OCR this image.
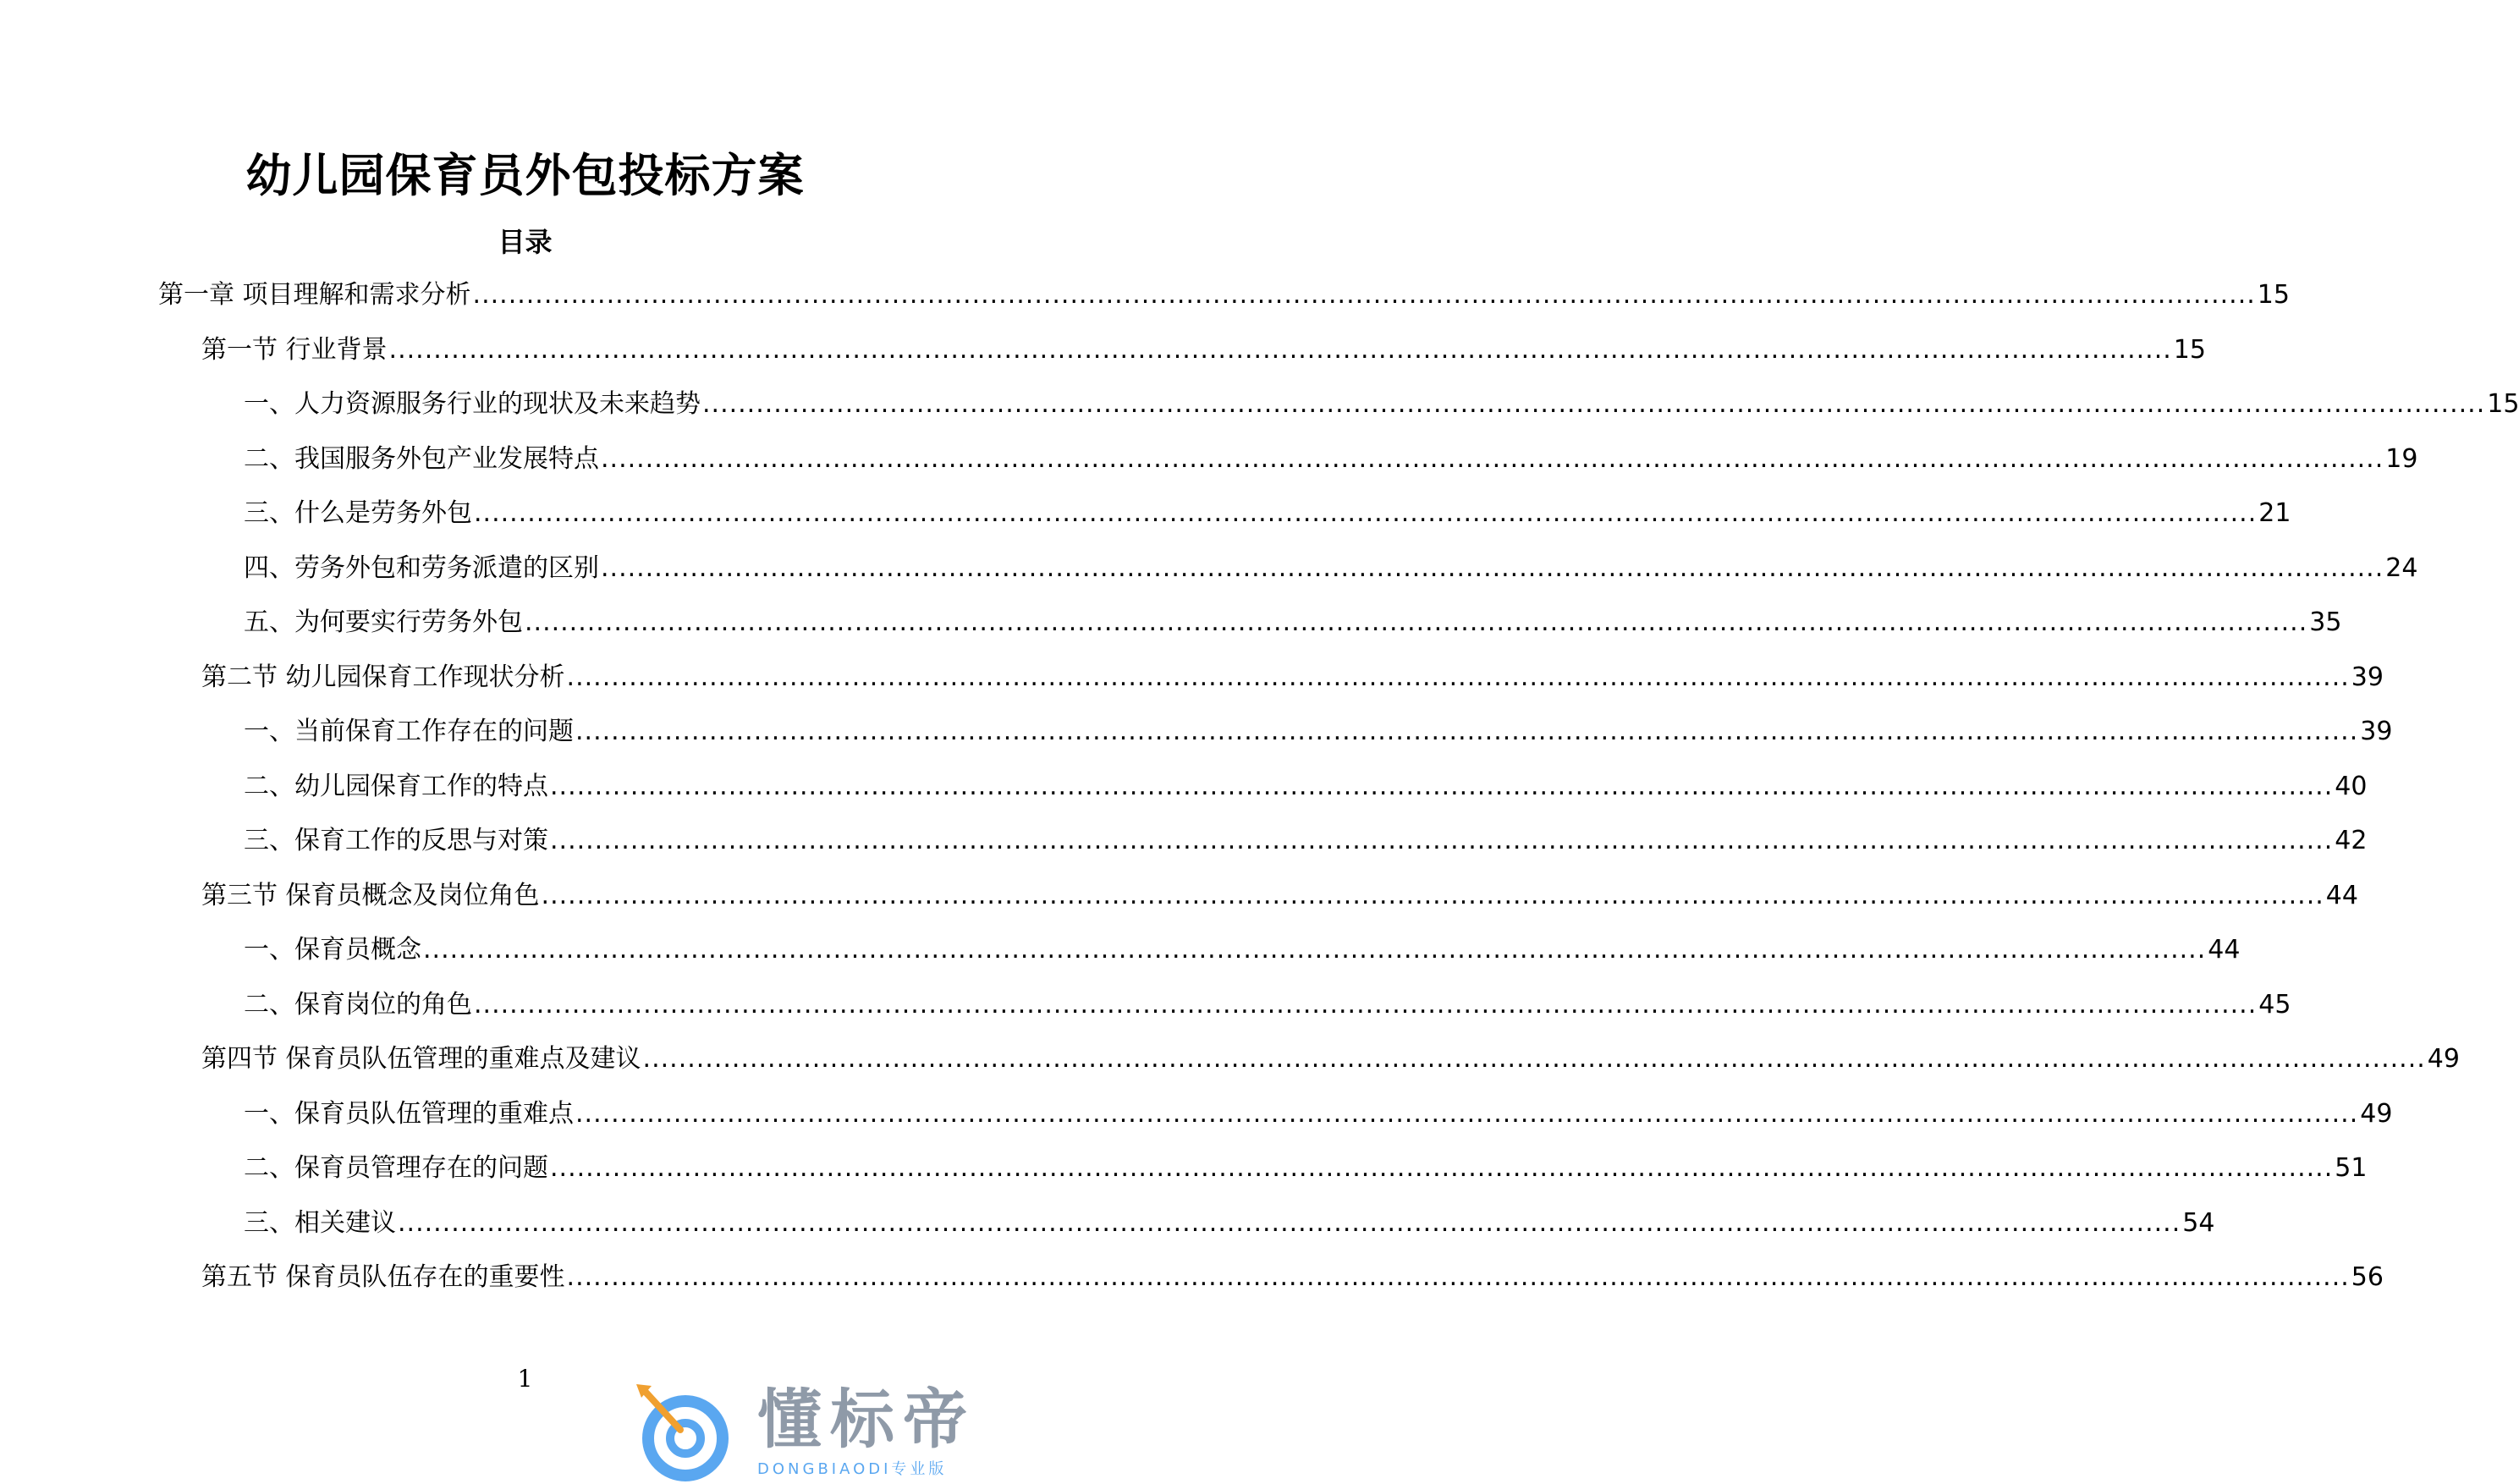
幼儿园保育员外包投标方案
目录
第一章 项目理解和需求分析 ........................................................................................................................................................................................................ 15
第一节 行业背景 ........................................................................................................................................................................................................ 15
一、人力资源服务行业的现状及未来趋势 ........................................................................................................................................................................................................ 15
二、我国服务外包产业发展特点 ........................................................................................................................................................................................................ 19
三、什么是劳务外包 ........................................................................................................................................................................................................ 21
四、劳务外包和劳务派遣的区别 ........................................................................................................................................................................................................ 24
五、为何要实行劳务外包 ........................................................................................................................................................................................................ 35
第二节 幼儿园保育工作现状分析 ........................................................................................................................................................................................................ 39
一、当前保育工作存在的问题 ........................................................................................................................................................................................................ 39
二、幼儿园保育工作的特点 ........................................................................................................................................................................................................ 40
三、保育工作的反思与对策 ........................................................................................................................................................................................................ 42
第三节 保育员概念及岗位角色 ........................................................................................................................................................................................................ 44
一、保育员概念 ........................................................................................................................................................................................................ 44
二、保育岗位的角色 ........................................................................................................................................................................................................ 45
第四节 保育员队伍管理的重难点及建议 ........................................................................................................................................................................................................ 49
一、保育员队伍管理的重难点 ........................................................................................................................................................................................................ 49
二、保育员管理存在的问题 ........................................................................................................................................................................................................ 51
三、相关建议 ........................................................................................................................................................................................................ 54
第五节 保育员队伍存在的重要性 ........................................................................................................................................................................................................ 56
1
懂标帝
DONGBIAODI专业版
